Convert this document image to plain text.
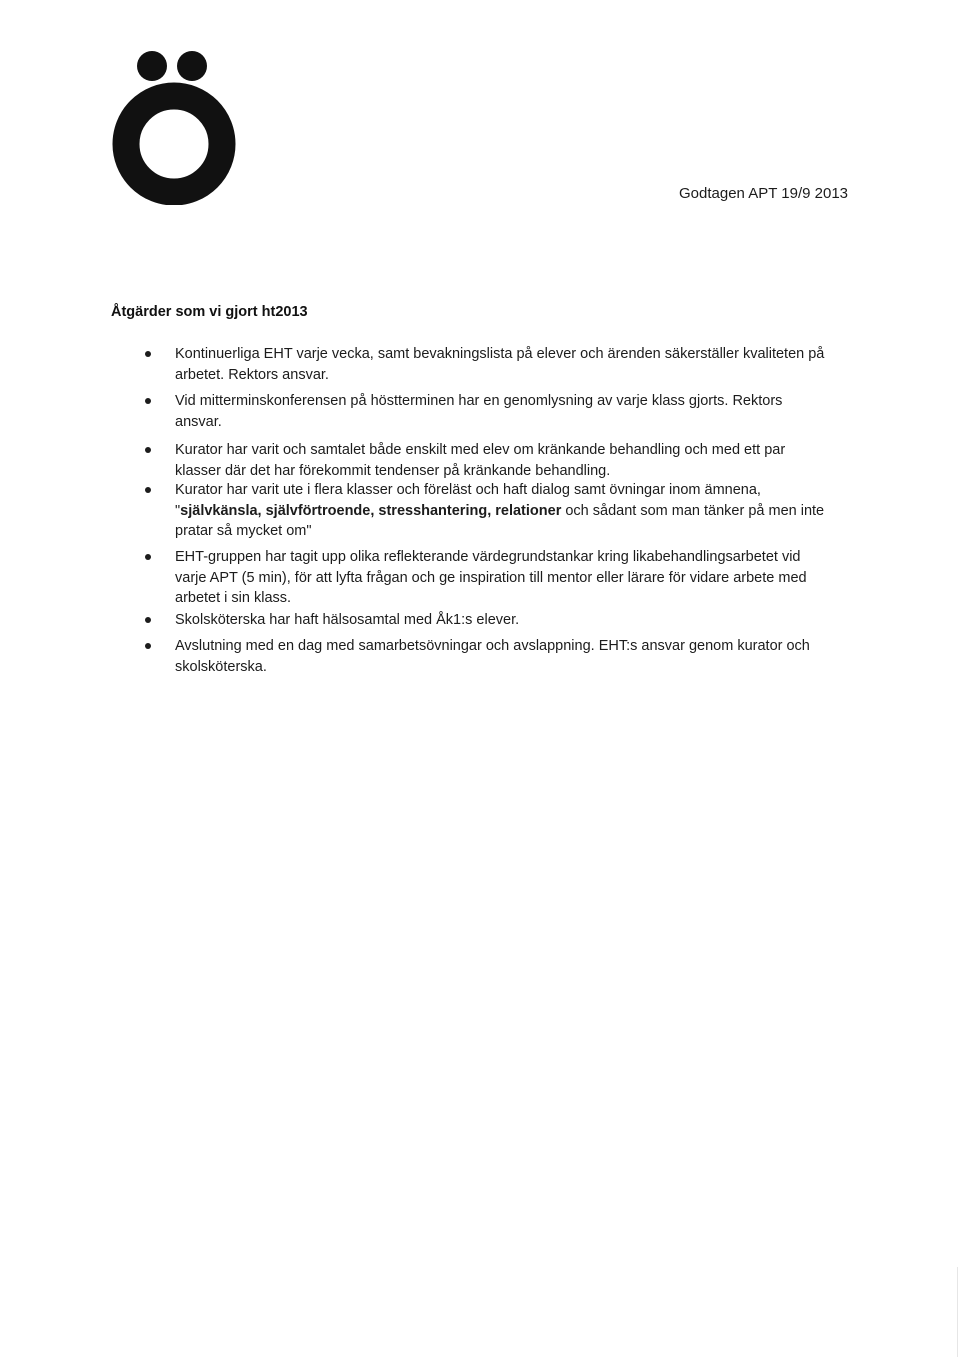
Godtagen APT 19/9 2013
Åtgärder som vi gjort ht2013
Kontinuerliga EHT varje vecka, samt bevakningslista på elever och ärenden säkerställer kvaliteten på arbetet. Rektors ansvar.
Vid mitterminskonferensen på höstterminen har en genomlysning av varje klass gjorts. Rektors ansvar.
Kurator har varit och samtalet både enskilt med elev om kränkande behandling och med ett par klasser där det har förekommit tendenser på kränkande behandling.
Kurator har varit ute i flera klasser och föreläst och haft dialog samt övningar inom ämnena, "självkänsla, självförtroende, stresshantering, relationer och sådant som man tänker på men inte pratar så mycket om"
EHT-gruppen har tagit upp olika reflekterande värdegrundstankar kring likabehandlingsarbetet vid varje APT (5 min), för att lyfta frågan och ge inspiration till mentor eller lärare för vidare arbete med arbetet i sin klass.
Skolsköterska har haft hälsosamtal med Åk1:s elever.
Avslutning med en dag med samarbetsövningar och avslappning. EHT:s ansvar genom kurator och skolsköterska.
